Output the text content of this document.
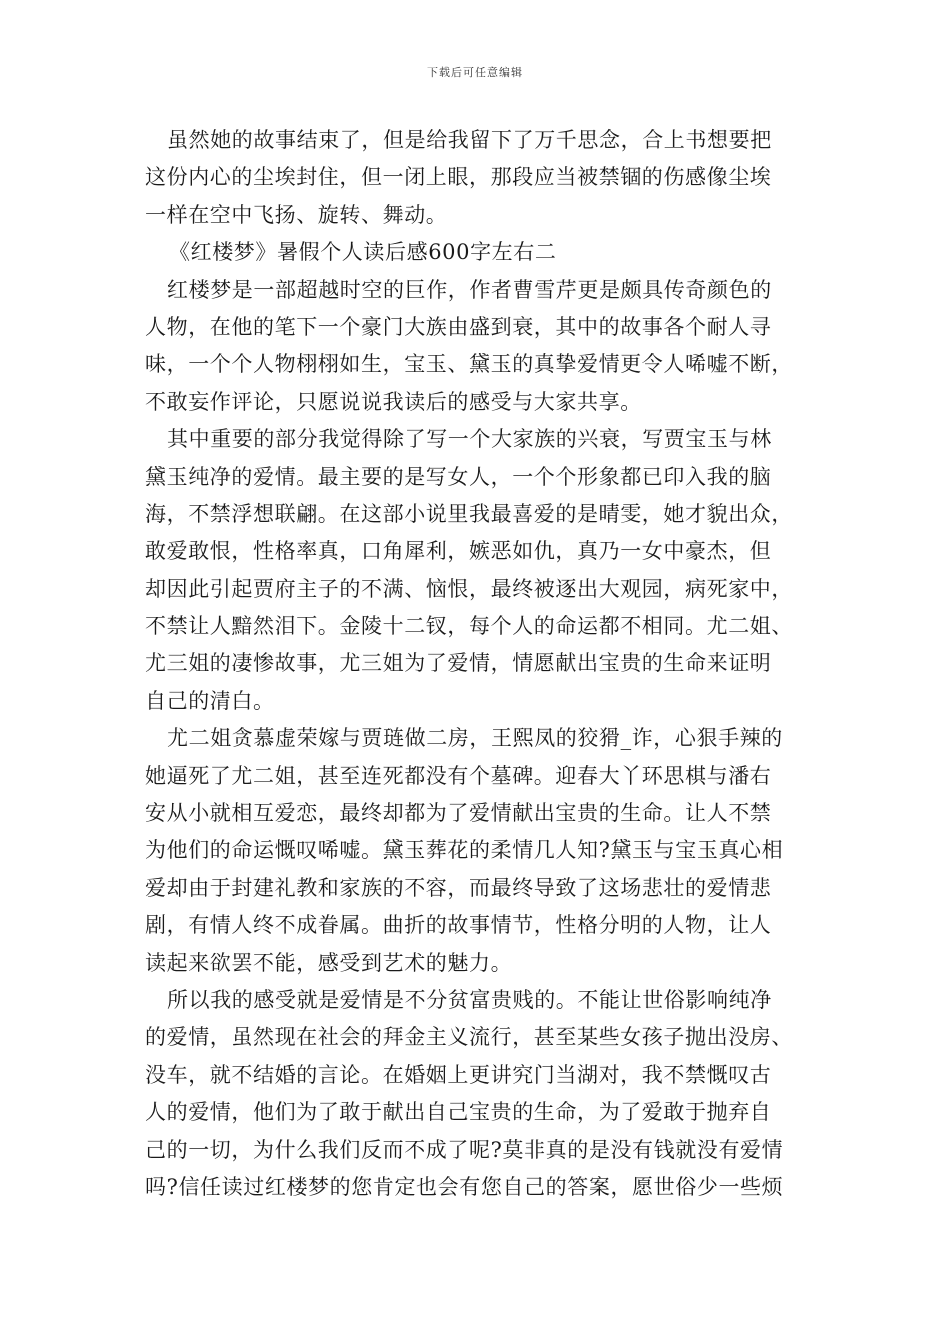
下载后可任意编辑
虽然她的故事结束了，但是给我留下了万千思念，合上书想要把
这份内心的尘埃封住，但一闭上眼，那段应当被禁锢的伤感像尘埃
一样在空中飞扬、旋转、舞动。
《红楼梦》暑假个人读后感600字左右二
红楼梦是一部超越时空的巨作，作者曹雪芹更是颇具传奇颜色的
人物，在他的笔下一个豪门大族由盛到衰，其中的故事各个耐人寻
味，一个个人物栩栩如生，宝玉、黛玉的真挚爱情更令人唏嘘不断，
不敢妄作评论，只愿说说我读后的感受与大家共享。
其中重要的部分我觉得除了写一个大家族的兴衰，写贾宝玉与林
黛玉纯净的爱情。最主要的是写女人，一个个形象都已印入我的脑
海，不禁浮想联翩。在这部小说里我最喜爱的是晴雯，她才貌出众，
敢爱敢恨，性格率真，口角犀利，嫉恶如仇，真乃一女中豪杰，但
却因此引起贾府主子的不满、恼恨，最终被逐出大观园，病死家中，
不禁让人黯然泪下。金陵十二钗，每个人的命运都不相同。尤二姐、
尤三姐的凄惨故事，尤三姐为了爱情，情愿献出宝贵的生命来证明
自己的清白。
尤二姐贪慕虚荣嫁与贾琏做二房，王熙凤的狡猾_诈，心狠手辣的
她逼死了尤二姐，甚至连死都没有个墓碑。迎春大丫环思棋与潘右
安从小就相互爱恋，最终却都为了爱情献出宝贵的生命。让人不禁
为他们的命运慨叹唏嘘。黛玉葬花的柔情几人知?黛玉与宝玉真心相
爱却由于封建礼教和家族的不容，而最终导致了这场悲壮的爱情悲
剧，有情人终不成眷属。曲折的故事情节，性格分明的人物，让人
读起来欲罢不能，感受到艺术的魅力。
所以我的感受就是爱情是不分贫富贵贱的。不能让世俗影响纯净
的爱情，虽然现在社会的拜金主义流行，甚至某些女孩子抛出没房、
没车，就不结婚的言论。在婚姻上更讲究门当湖对，我不禁慨叹古
人的爱情，他们为了敢于献出自己宝贵的生命，为了爱敢于抛弃自
己的一切，为什么我们反而不成了呢?莫非真的是没有钱就没有爱情
吗?信任读过红楼梦的您肯定也会有您自己的答案，愿世俗少一些烦
